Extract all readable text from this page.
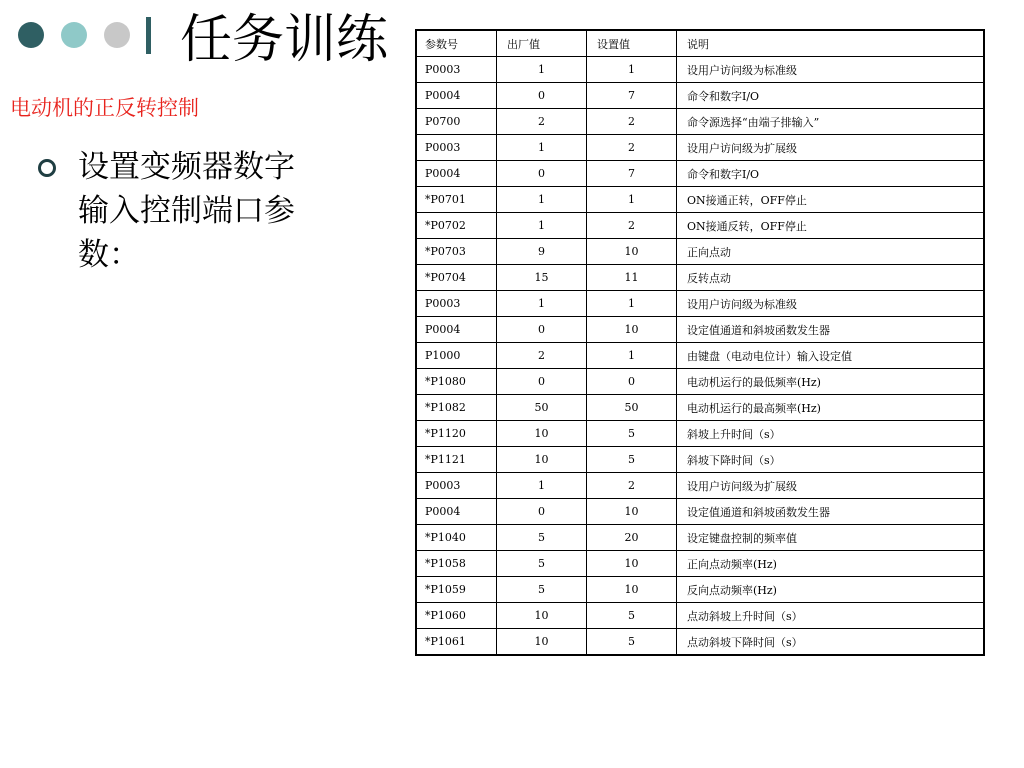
任务训练
电动机的正反转控制
设置变频器数字输入控制端口参数：
参数号	出厂值	设置值	说明
P0003	1	1	设用户访问级为标准级
P0004	0	7	命令和数字I/O
P0700	2	2	命令源选择“由端子排输入”
P0003	1	2	设用户访问级为扩展级
P0004	0	7	命令和数字I/O
*P0701	1	1	ON接通正转，OFF停止
*P0702	1	2	ON接通反转，OFF停止
*P0703	9	10	正向点动
*P0704	15	11	反转点动
P0003	1	1	设用户访问级为标准级
P0004	0	10	设定值通道和斜坡函数发生器
P1000	2	1	由键盘（电动电位计）输入设定值
*P1080	0	0	电动机运行的最低频率(Hz)
*P1082	50	50	电动机运行的最高频率(Hz)
*P1120	10	5	斜坡上升时间（s）
*P1121	10	5	斜坡下降时间（s）
P0003	1	2	设用户访问级为扩展级
P0004	0	10	设定值通道和斜坡函数发生器
*P1040	5	20	设定键盘控制的频率值
*P1058	5	10	正向点动频率(Hz)
*P1059	5	10	反向点动频率(Hz)
*P1060	10	5	点动斜坡上升时间（s）
*P1061	10	5	点动斜坡下降时间（s）
